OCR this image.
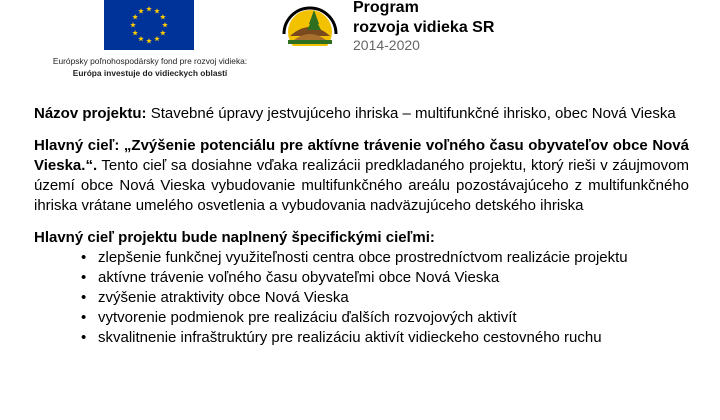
Európsky poľnohospodársky fond pre rozvoj vidieka:
Európa investuje do vidieckych oblastí
Program
rozvoja vidieka SR
2014-2020

Názov projektu: Stavebné úpravy jestvujúceho ihriska – multifunkčné ihrisko, obec Nová Vieska

Hlavný cieľ: „Zvýšenie potenciálu pre aktívne trávenie voľného času obyvateľov obce Nová Vieska.“. Tento cieľ sa dosiahne vďaka realizácii predkladaného projektu, ktorý rieši v záujmovom území obce Nová Vieska vybudovanie multifunkčného areálu pozostávajúceho z multifunkčného ihriska vrátane umelého osvetlenia a vybudovania nadväzujúceho detského ihriska

Hlavný cieľ projektu bude naplnený špecifickými cieľmi:
• zlepšenie funkčnej využiteľnosti centra obce prostredníctvom realizácie projektu
• aktívne trávenie voľného času obyvateľmi obce Nová Vieska
• zvýšenie atraktivity obce Nová Vieska
• vytvorenie podmienok pre realizáciu ďalších rozvojových aktivít
• skvalitnenie infraštruktúry pre realizáciu aktivít vidieckeho cestovného ruchu
